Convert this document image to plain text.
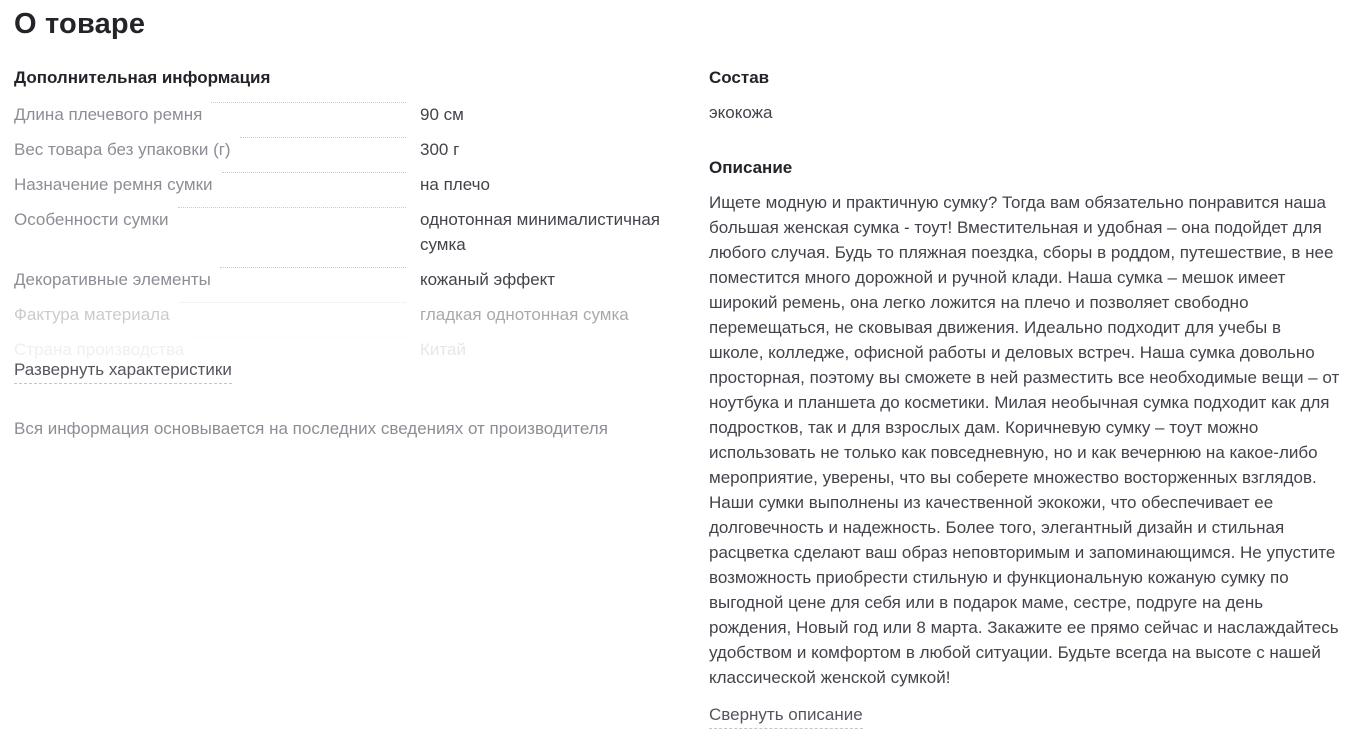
О товаре
Дополнительная информация
Длина плечевого ремня	90 см
Вес товара без упаковки (г)	300 г
Назначение ремня сумки	на плечо
Особенности сумки	однотонная минималистичная сумка
Декоративные элементы	кожаный эффект
Фактура материала	гладкая однотонная сумка
Страна производства	Китай
Развернуть характеристики
Вся информация основывается на последних сведениях от производителя
Состав
экокожа
Описание

Ищете модную и практичную сумку? Тогда вам обязательно понравится наша большая женская сумка - тоут! Вместительная и удобная – она подойдет для любого случая. Будь то пляжная поездка, сборы в роддом, путешествие, в нее поместится много дорожной и ручной клади. Наша сумка – мешок имеет широкий ремень, она легко ложится на плечо и позволяет свободно перемещаться, не сковывая движения. Идеально подходит для учебы в школе, колледже, офисной работы и деловых встреч. Наша сумка довольно просторная, поэтому вы сможете в ней разместить все необходимые вещи – от ноутбука и планшета до косметики. Милая необычная сумка подходит как для подростков, так и для взрослых дам. Коричневую сумку – тоут можно использовать не только как повседневную, но и как вечернюю на какое-либо мероприятие, уверены, что вы соберете множество восторженных взглядов. Наши сумки выполнены из качественной экокожи, что обеспечивает ее долговечность и надежность. Более того, элегантный дизайн и стильная расцветка сделают ваш образ неповторимым и запоминающимся. Не упустите возможность приобрести стильную и функциональную кожаную сумку по выгодной цене для себя или в подарок маме, сестре, подруге на день рождения, Новый год или 8 марта. Закажите ее прямо сейчас и наслаждайтесь удобством и комфортом в любой ситуации. Будьте всегда на высоте с нашей классической женской сумкой!

Свернуть описание
